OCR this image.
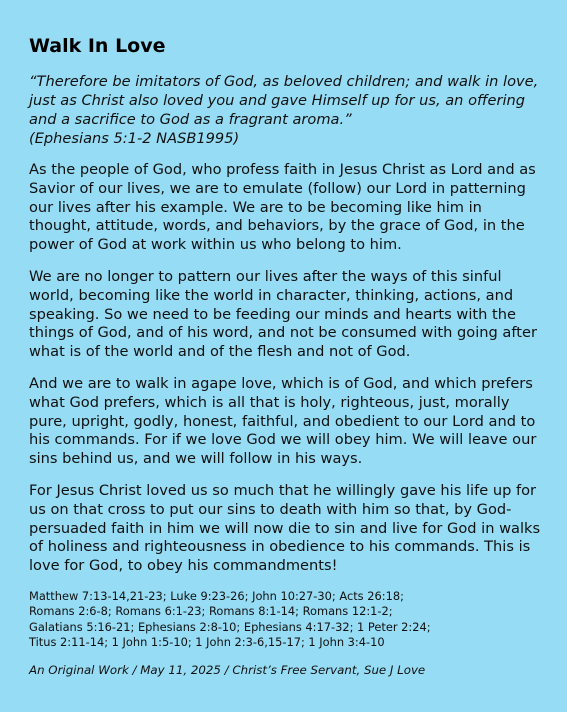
Walk In Love
“Therefore be imitators of God, as beloved children; and walk in love, just as Christ also loved you and gave Himself up for us, an offering and a sacrifice to God as a fragrant aroma.”
(Ephesians 5:1-2 NASB1995)

As the people of God, who profess faith in Jesus Christ as Lord and as Savior of our lives, we are to emulate (follow) our Lord in patterning our lives after his example. We are to be becoming like him in thought, attitude, words, and behaviors, by the grace of God, in the power of God at work within us who belong to him.

We are no longer to pattern our lives after the ways of this sinful world, becoming like the world in character, thinking, actions, and speaking. So we need to be feeding our minds and hearts with the things of God, and of his word, and not be consumed with going after what is of the world and of the flesh and not of God.

And we are to walk in agape love, which is of God, and which prefers what God prefers, which is all that is holy, righteous, just, morally pure, upright, godly, honest, faithful, and obedient to our Lord and to his commands. For if we love God we will obey him. We will leave our sins behind us, and we will follow in his ways.

For Jesus Christ loved us so much that he willingly gave his life up for us on that cross to put our sins to death with him so that, by God-persuaded faith in him we will now die to sin and live for God in walks of holiness and righteousness in obedience to his commands. This is love for God, to obey his commandments!

Matthew 7:13-14,21-23; Luke 9:23-26; John 10:27-30; Acts 26:18;
Romans 2:6-8; Romans 6:1-23; Romans 8:1-14; Romans 12:1-2;
Galatians 5:16-21; Ephesians 2:8-10; Ephesians 4:17-32; 1 Peter 2:24;
Titus 2:11-14; 1 John 1:5-10; 1 John 2:3-6,15-17; 1 John 3:4-10

An Original Work / May 11, 2025 / Christ’s Free Servant, Sue J Love
